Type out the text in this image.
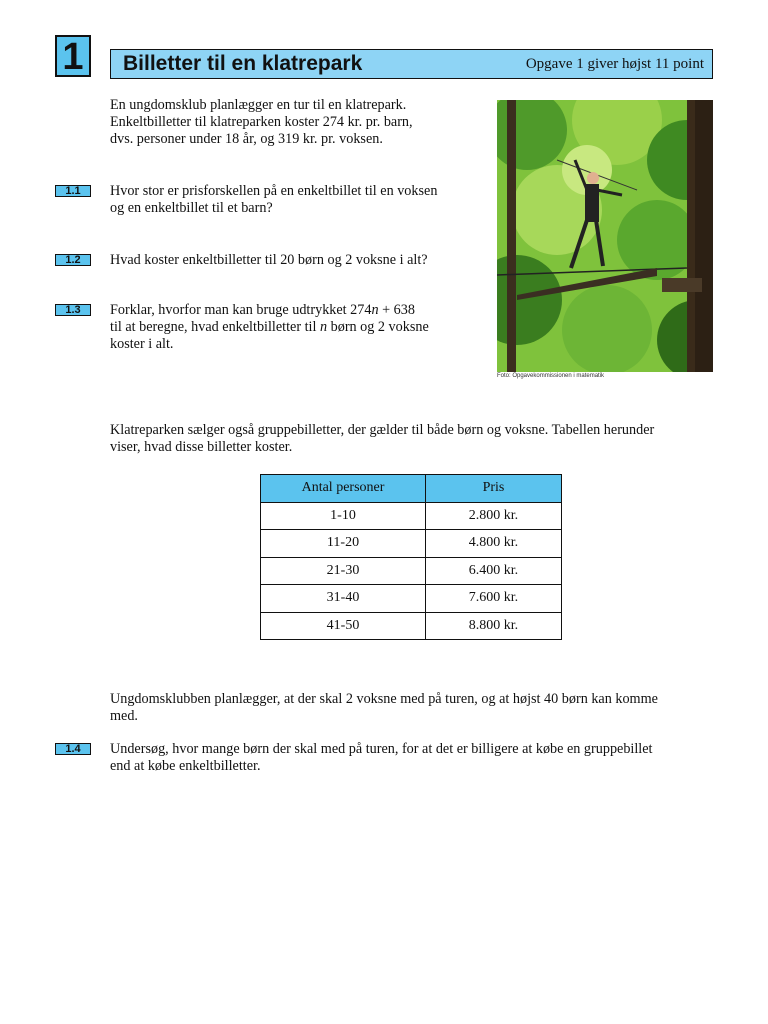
1	Billetter til en klatrepark	Opgave 1 giver højst 11 point

En ungdomsklub planlægger en tur til en klatrepark.
Enkeltbilletter til klatreparken koster 274 kr. pr. barn,
dvs. personer under 18 år, og 319 kr. pr. voksen.

1.1	Hvor stor er prisforskellen på en enkeltbillet til en voksen
og en enkeltbillet til et barn?

1.2	Hvad koster enkeltbilletter til 20 børn og 2 voksne i alt?

1.3	Forklar, hvorfor man kan bruge udtrykket 274n + 638
til at beregne, hvad enkeltbilletter til n børn og 2 voksne
koster i alt.

Foto: Opgavekommissionen i matematik

Klatreparken sælger også gruppebilletter, der gælder til både børn og voksne. Tabellen herunder
viser, hvad disse billetter koster.

Antal personer	Pris
1-10	2.800 kr.
11-20	4.800 kr.
21-30	6.400 kr.
31-40	7.600 kr.
41-50	8.800 kr.

Ungdomsklubben planlægger, at der skal 2 voksne med på turen, og at højst 40 børn kan komme
med.

1.4	Undersøg, hvor mange børn der skal med på turen, for at det er billigere at købe en gruppebillet
end at købe enkeltbilletter.
